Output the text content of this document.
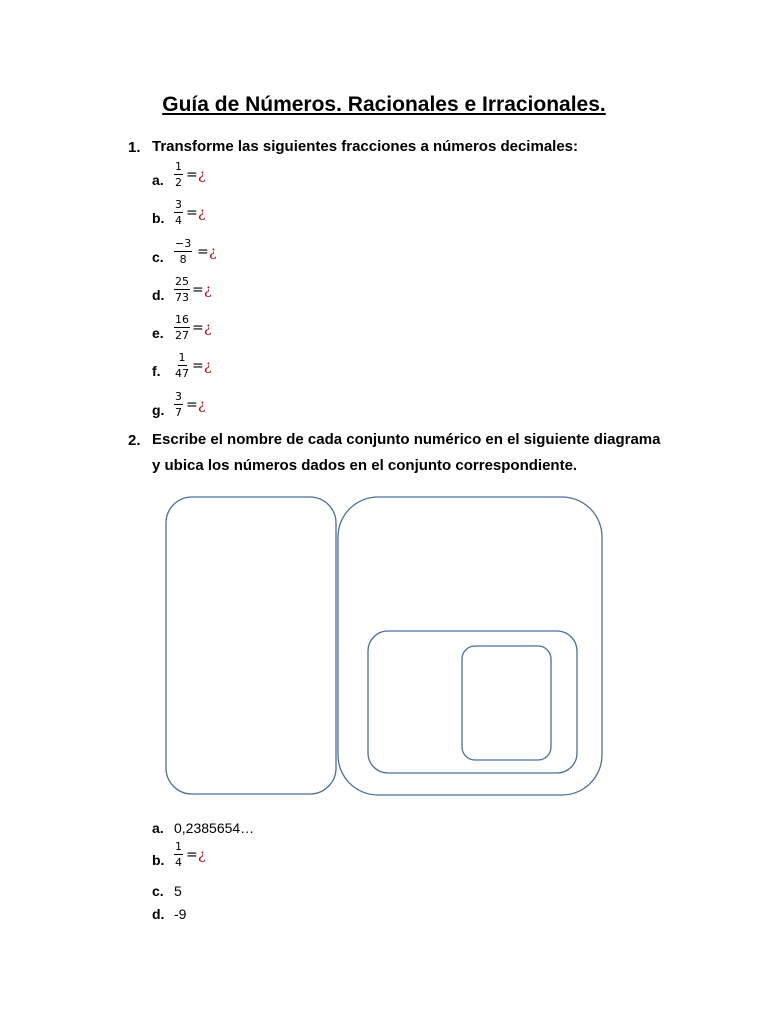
Guía de Números. Racionales e Irracionales.
1. Transforme las siguientes fracciones a números decimales:
a. $\frac{1}{2}$ = ¿
b. $\frac{3}{4}$ = ¿
c. $\frac{-3}{8}$ = ¿
d. $\frac{25}{73}$ = ¿
e. $\frac{16}{27}$ = ¿
f. $\frac{1}{47}$ = ¿
g. $\frac{3}{7}$ = ¿
2. Escribe el nombre de cada conjunto numérico en el siguiente diagrama
y ubica los números dados en el conjunto correspondiente.
a. 0,2385654…
b. $\frac{1}{4}$ = ¿
c. 5
d. -9
